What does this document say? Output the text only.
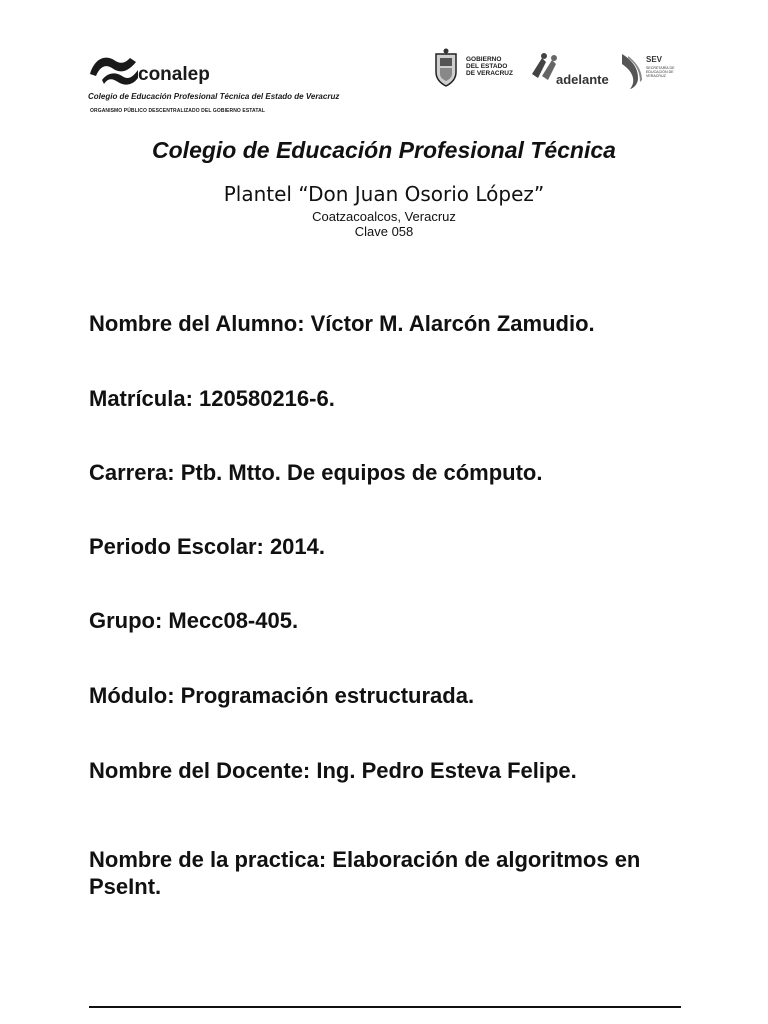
conalep
Colegio de Educación Profesional Técnica del Estado de Veracruz
ORGANISMO PÚBLICO DESCENTRALIZADO DEL GOBIERNO ESTATAL
GOBIERNO
DEL ESTADO
DE VERACRUZ	adelante
SEV
SECRETARÍA DE EDUCACIÓN DE VERACRUZ
Colegio de Educación Profesional Técnica

Plantel “Don Juan Osorio López”

Coatzacoalcos, Veracruz

Clave 058

Nombre del Alumno: Víctor M. Alarcón Zamudio.

Matrícula: 120580216-6.

Carrera: Ptb. Mtto. De equipos de cómputo.

Periodo Escolar: 2014.

Grupo: Mecc08-405.

Módulo: Programación estructurada.

Nombre del Docente: Ing. Pedro Esteva Felipe.

Nombre de la practica: Elaboración de algoritmos en PseInt.
